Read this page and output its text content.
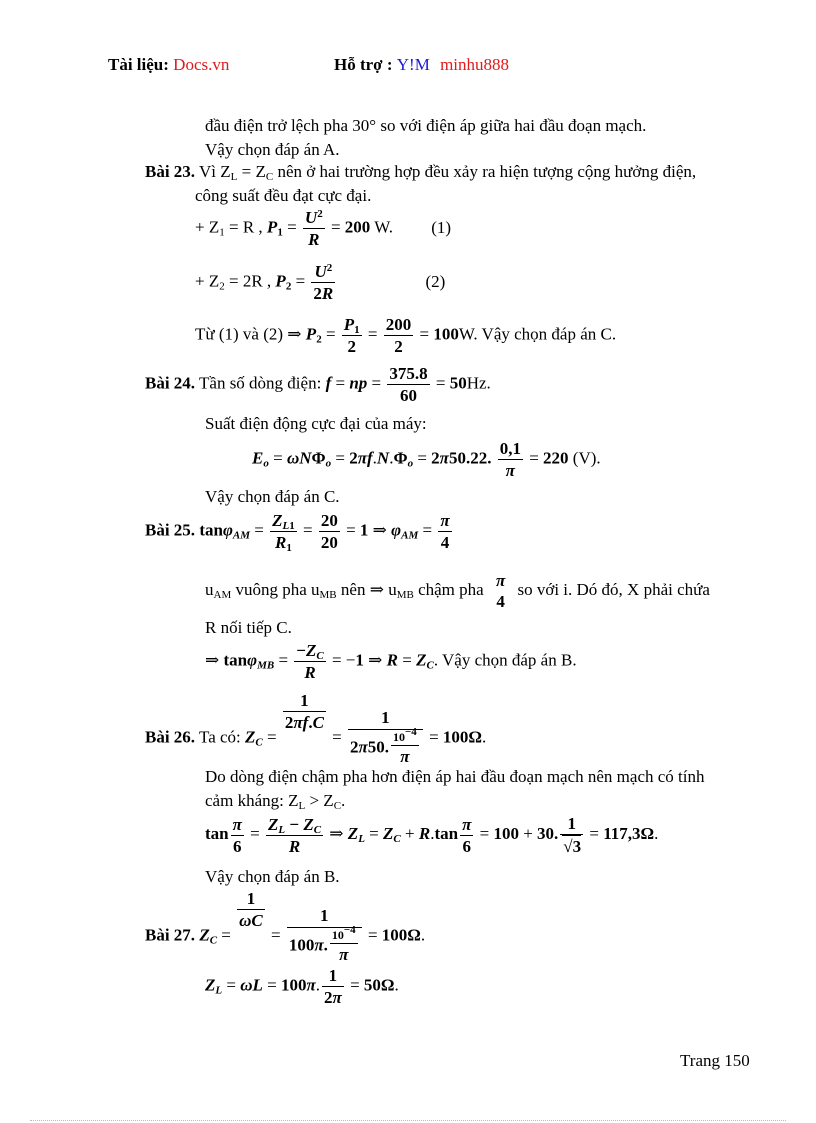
Tài liệu: Docs.vn	Hỗ trợ : Y!M minhu888
đầu điện trở lệch pha 30° so với điện áp giữa hai đầu đoạn mạch.
Vậy chọn đáp án A.
Bài 23. Vì $Z_L = Z_C$ nên ở hai trường hợp đều xảy ra hiện tượng cộng hưởng điện,
công suất đều đạt cực đại.
+ $Z_1 = R$ , $P_1 = \frac{U^2}{R} = 200$ W. (1)
+ $Z_2 = 2R$ , $P_2 = \frac{U^2}{2R}$	(2)
Từ (1) và (2) ⇒ $P_2 = \frac{P_1}{2} = \frac{200}{2} = 100W$. Vậy chọn đáp án C.
Bài 24. Tần số dòng điện: f = np = $\frac{375.8}{60} = 50Hz$.
Suất điện động cực đại của máy:
$E_o = \omega N\Phi_o = 2\pi f.N.\Phi_o = 2\pi 50.22$. $\frac{0,1}{\pi} = 220$ (V).
Vậy chọn đáp án C.
Bài 25. $\tan\varphi_{AM} = \frac{Z_{L1}}{R_1} = \frac{20}{20} = 1$ ⇒ $\varphi_{AM} = \frac{\pi}{4}$
$u_{AM}$ vuông pha $u_{MB}$ nên ⇒ $u_{MB}$ chậm pha π
4
so với i. Dó đó, X phải chứa
R nối tiếp C.
⇒ $\tan\varphi_{MB} = \frac{-Z_C}{R} = -1$ ⇒ $R = Z_C$. Vậy chọn đáp án B.
Bài 26. Ta có: $Z_C$ =
$\frac{1}{2\pi f.C}$
= $\frac{1}{2\pi 50. \frac{10^{-4}}{\pi}} = 100\Omega$.
Do dòng điện chậm pha hơn điện áp hai đầu đoạn mạch nên mạch có tính
cảm kháng: $Z_L > Z_C$.
$\tan \frac{\pi}{6} = \frac{Z_L - Z_C}{R}$ ⇒ $Z_L = Z_C + R.\tan \frac{\pi}{6} = 100 + 30$. $\frac{1}{√3} = 117,3\Omega$.
Vậy chọn đáp án B.
Bài 27. $Z_C$ =
$\frac{1}{\omega C}$
= $\frac{1}{100\pi. \frac{10^{-4}}{\pi}} = 100\Omega$.
$Z_L = \omega L = 100\pi$. $\frac{1}{2\pi} = 50\Omega$.
Trang 150
